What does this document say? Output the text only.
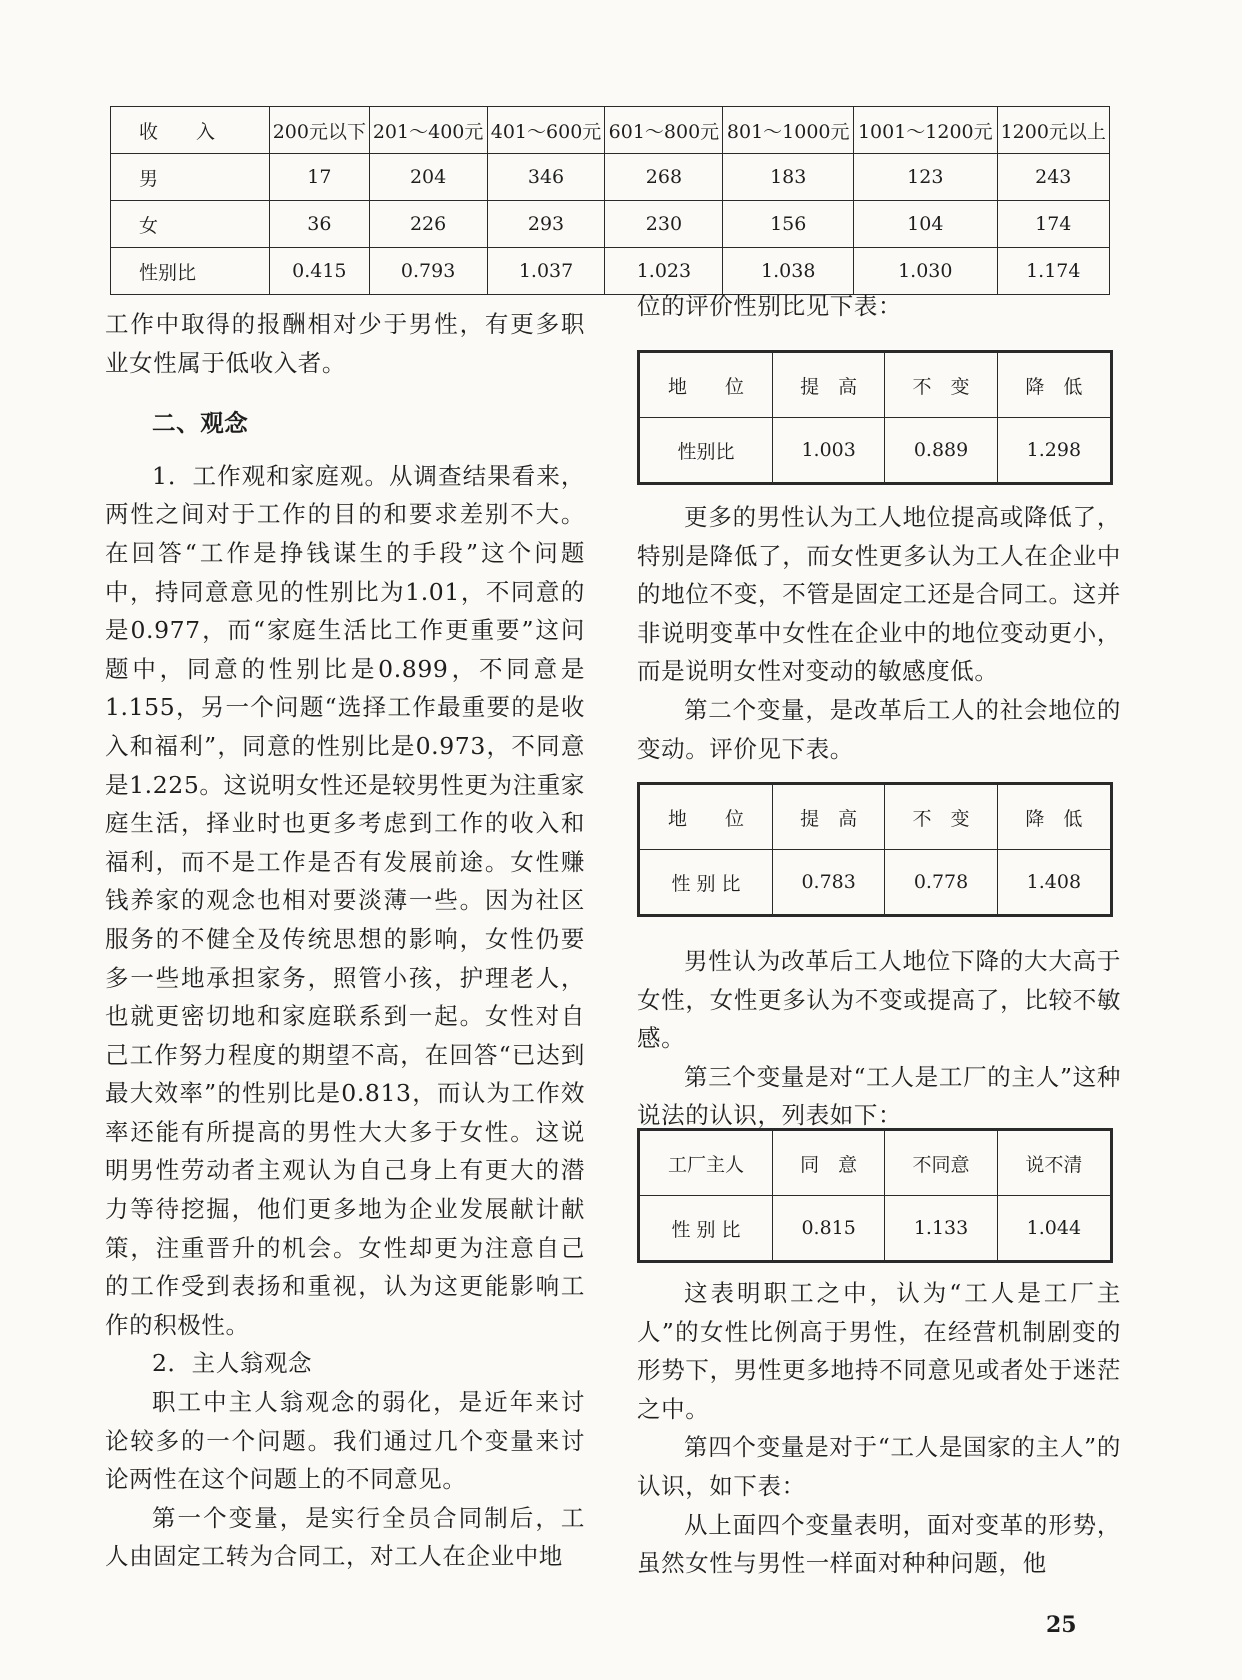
收　　入	200元以下	201～400元	401～600元	601～800元	801～1000元	1001～1200元	1200元以上
男	17	204	346	268	183	123	243
女	36	226	293	230	156	104	174
性别比	0.415	0.793	1.037	1.023	1.038	1.030	1.174

工作中取得的报酬相对少于男性，有更多职业女性属于低收入者。

二、观念

1．工作观和家庭观。从调查结果看来，两性之间对于工作的目的和要求差别不大。在回答“工作是挣钱谋生的手段”这个问题中，持同意意见的性别比为1.01，不同意的是0.977，而“家庭生活比工作更重要”这问题中，同意的性别比是0.899，不同意是1.155，另一个问题“选择工作最重要的是收入和福利”，同意的性别比是0.973，不同意是1.225。这说明女性还是较男性更为注重家庭生活，择业时也更多考虑到工作的收入和福利，而不是工作是否有发展前途。女性赚钱养家的观念也相对要淡薄一些。因为社区服务的不健全及传统思想的影响，女性仍要多一些地承担家务，照管小孩，护理老人，也就更密切地和家庭联系到一起。女性对自己工作努力程度的期望不高，在回答“已达到最大效率”的性别比是0.813，而认为工作效率还能有所提高的男性大大多于女性。这说明男性劳动者主观认为自己身上有更大的潜力等待挖掘，他们更多地为企业发展献计献策，注重晋升的机会。女性却更为注意自己的工作受到表扬和重视，认为这更能影响工作的积极性。

2．主人翁观念

职工中主人翁观念的弱化，是近年来讨论较多的一个问题。我们通过几个变量来讨论两性在这个问题上的不同意见。

第一个变量，是实行全员合同制后，工人由固定工转为合同工，对工人在企业中地

位的评价性别比见下表：

地　　位	提　高	不　变	降　低
性别比	1.003	0.889	1.298

更多的男性认为工人地位提高或降低了，特别是降低了，而女性更多认为工人在企业中的地位不变，不管是固定工还是合同工。这并非说明变革中女性在企业中的地位变动更小，而是说明女性对变动的敏感度低。

第二个变量，是改革后工人的社会地位的变动。评价见下表。

地　　位	提　高	不　变	降　低
性 别 比	0.783	0.778	1.408

男性认为改革后工人地位下降的大大高于女性，女性更多认为不变或提高了，比较不敏感。

第三个变量是对“工人是工厂的主人”这种说法的认识，列表如下：

工厂主人	同　意	不同意	说不清
性 别 比	0.815	1.133	1.044

这表明职工之中，认为“工人是工厂主人”的女性比例高于男性，在经营机制剧变的形势下，男性更多地持不同意见或者处于迷茫之中。

第四个变量是对于“工人是国家的主人”的认识，如下表：

从上面四个变量表明，面对变革的形势，虽然女性与男性一样面对种种问题，他

25
